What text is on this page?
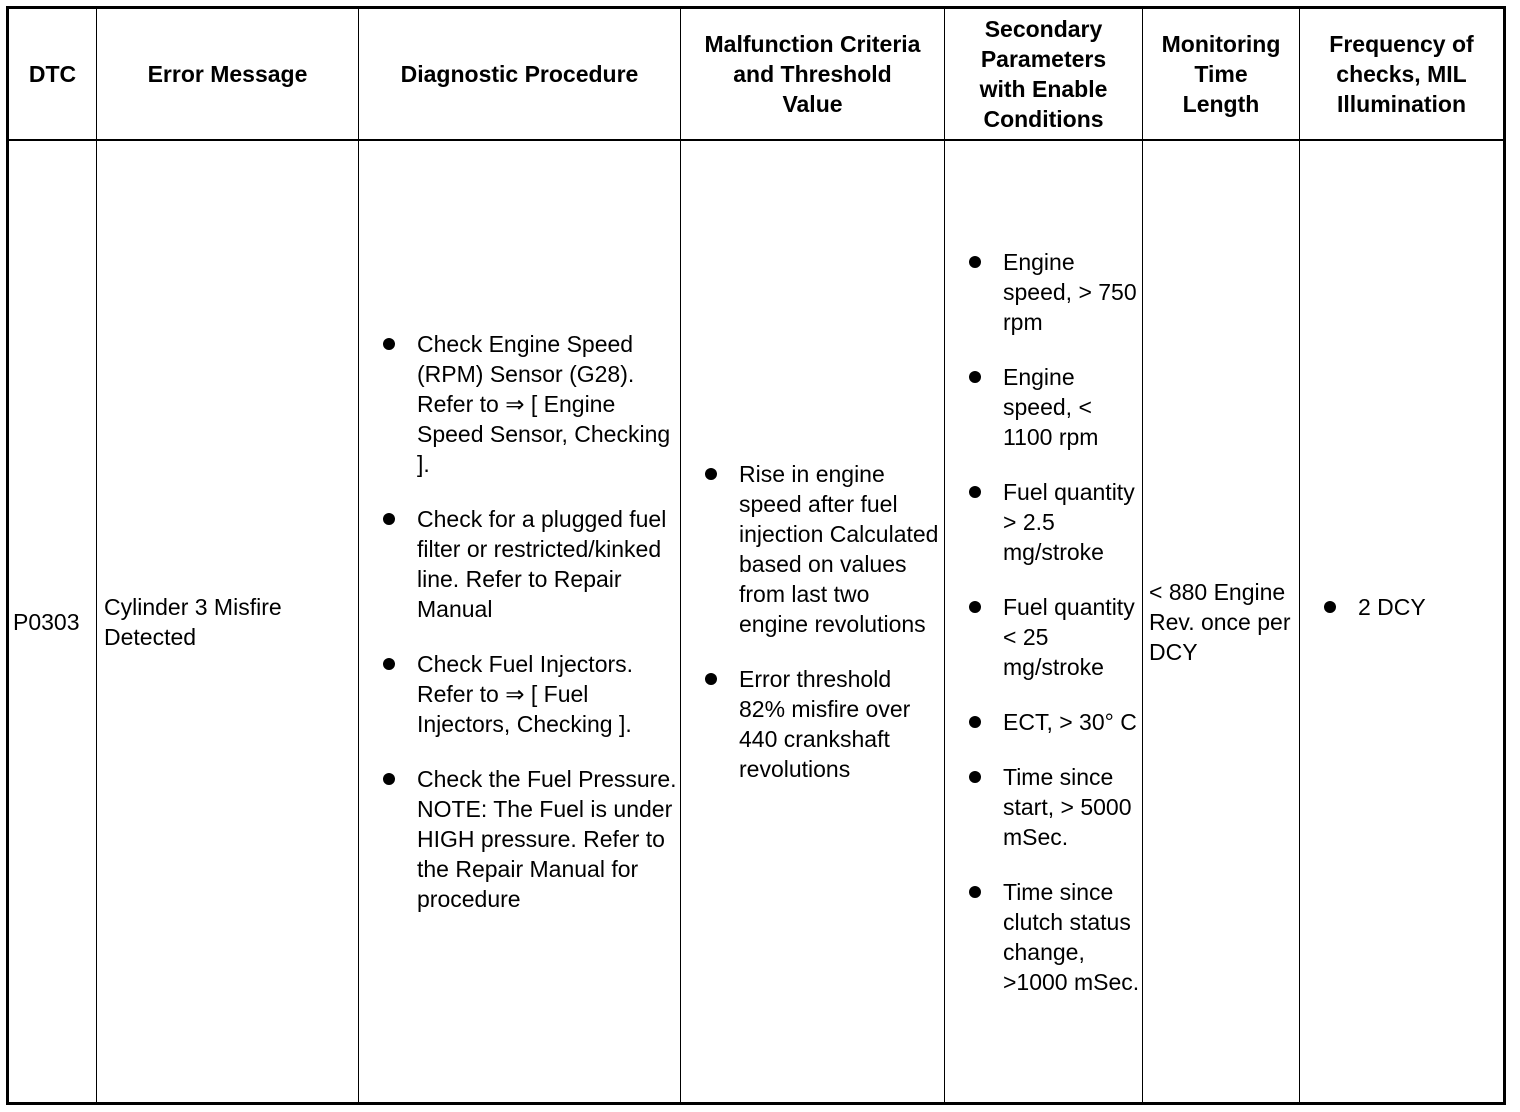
DTC	Error Message	Diagnostic Procedure
Malfunction Criteria and Threshold Value
Secondary Parameters with Enable Conditions
Monitoring Time Length
Frequency of checks, MIL Illumination
P0303
Cylinder 3 Misfire Detected
Check Engine Speed (RPM) Sensor (G28). Refer to ⇒ [ Engine Speed Sensor, Checking ].
Check for a plugged fuel filter or restricted/kinked line. Refer to Repair Manual
Check Fuel Injectors. Refer to ⇒ [ Fuel Injectors, Checking ].
Check the Fuel Pressure. NOTE: The Fuel is under HIGH pressure. Refer to the Repair Manual for procedure
Rise in engine speed after fuel injection Calculated based on values from last two engine revolutions
Error threshold 82% misfire over 440 crankshaft revolutions
Engine speed, > 750 rpm
Engine speed, < 1100 rpm
Fuel quantity > 2.5 mg/stroke
Fuel quantity < 25 mg/stroke
ECT, > 30° C
Time since start, > 5000 mSec.
Time since clutch status change, >1000 mSec.
< 880 Engine Rev. once per DCY
2 DCY
